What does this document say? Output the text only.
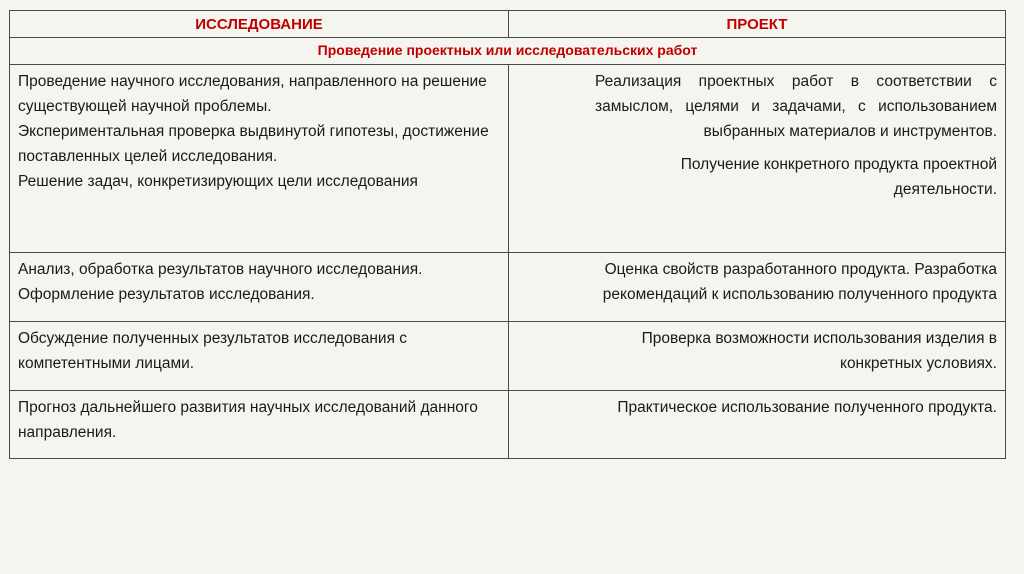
ИССЛЕДОВАНИЕ	ПРОЕКТ
Проведение проектных или исследовательских работ

Проведение научного исследования, направленного на решение существующей научной проблемы.

Экспериментальная проверка выдвинутой гипотезы, достижение поставленных целей исследования.

Решение задач, конкретизирующих цели исследования

Реализация проектных работ в соответствии с замыслом, целями и задачами, с использованием выбранных материалов и инструментов.

Получение конкретного продукта проектной деятельности.

Анализ, обработка результатов научного исследования.

Оформление результатов исследования.

Оценка свойств разработанного продукта. Разработка рекомендаций к использованию полученного продукта

Обсуждение полученных результатов исследования с компетентными лицами.

Проверка возможности использования изделия в конкретных условиях.

Прогноз дальнейшего развития научных исследований данного направления.

Практическое использование полученного продукта.
